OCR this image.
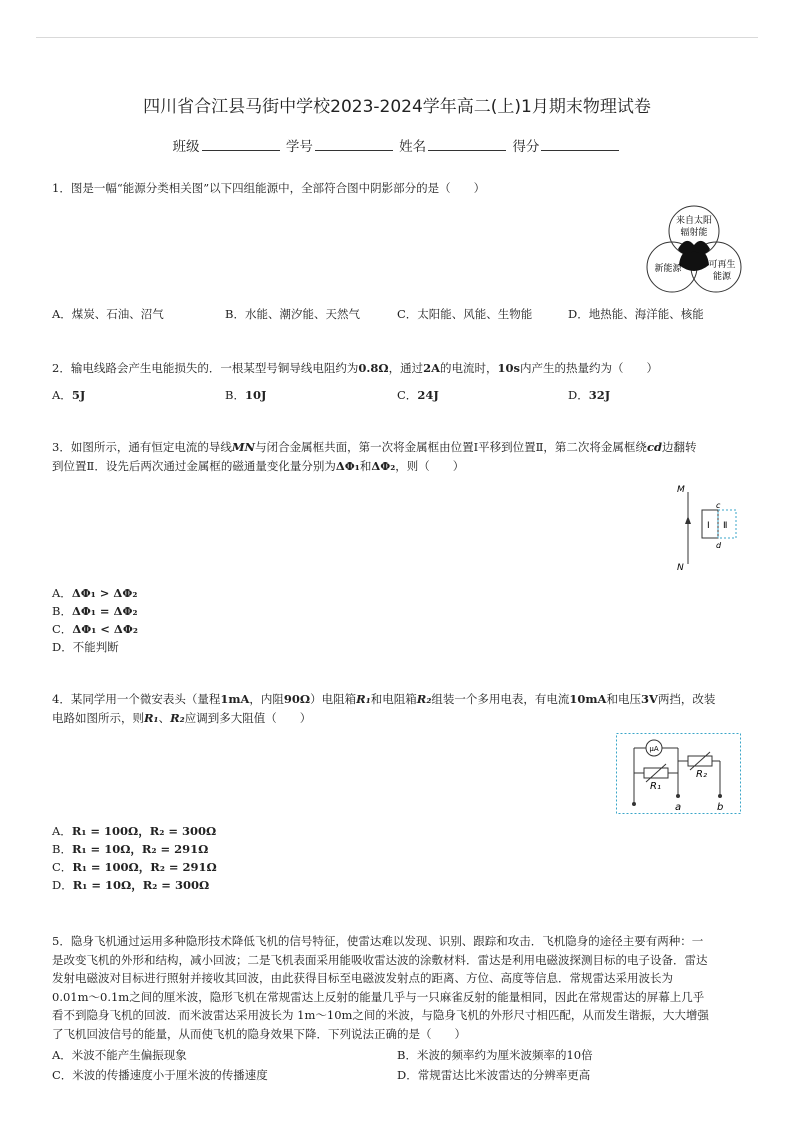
四川省合江县马街中学校2023-2024学年高二(上)1月期末物理试卷
班级	学号	姓名	得分
1．图是一幅“能源分类相关图”以下四组能源中，全部符合图中阴影部分的是（　　）
来自太阳
辐射能
新能源	可再生
能源
A．煤炭、石油、沼气	B．水能、潮汐能、天然气	C．太阳能、风能、生物能	D．地热能、海洋能、核能
2．输电线路会产生电能损失的．一根某型号铜导线电阻约为0.8Ω，通过2A的电流时，10s内产生的热量约为（　　）
A．5J	B．10J	C．24J	D．32J
3．如图所示，通有恒定电流的导线MN与闭合金属框共面，第一次将金属框由位置Ⅰ平移到位置Ⅱ，第二次将金属框绕cd边翻转
到位置Ⅱ．设先后两次通过金属框的磁通量变化量分别为ΔΦ₁和ΔΦ₂，则（　　）
M
N
Ⅰ Ⅱ
c
d
A．ΔΦ₁ > ΔΦ₂
B．ΔΦ₁ = ΔΦ₂
C．ΔΦ₁ < ΔΦ₂
D．不能判断
4．某同学用一个微安表头（量程1mA，内阻90Ω）电阻箱R₁和电阻箱R₂组装一个多用电表，有电流10mA和电压3V两挡，改装
电路如图所示，则R₁、R₂应调到多大阻值（　　）
μA
R₁
R₂
a	b
A．R₁ = 100Ω，R₂ = 300Ω
B．R₁ = 10Ω，R₂ = 291Ω
C．R₁ = 100Ω，R₂ = 291Ω
D．R₁ = 10Ω，R₂ = 300Ω
5．隐身飞机通过运用多种隐形技术降低飞机的信号特征，使雷达难以发现、识别、跟踪和攻击．飞机隐身的途径主要有两种：一
是改变飞机的外形和结构，减小回波；二是飞机表面采用能吸收雷达波的涂敷材料．雷达是利用电磁波探测目标的电子设备．雷达
发射电磁波对目标进行照射并接收其回波，由此获得目标至电磁波发射点的距离、方位、高度等信息．常规雷达采用波长为
0.01m～0.1m之间的厘米波，隐形飞机在常规雷达上反射的能量几乎与一只麻雀反射的能量相同，因此在常规雷达的屏幕上几乎
看不到隐身飞机的回波．而米波雷达采用波长为 1m～10m之间的米波，与隐身飞机的外形尺寸相匹配，从而发生谐振，大大增强
了飞机回波信号的能量，从而使飞机的隐身效果下降．下列说法正确的是（　　）
A．米波不能产生偏振现象	B．米波的频率约为厘米波频率的10倍
C．米波的传播速度小于厘米波的传播速度	D．常规雷达比米波雷达的分辨率更高
